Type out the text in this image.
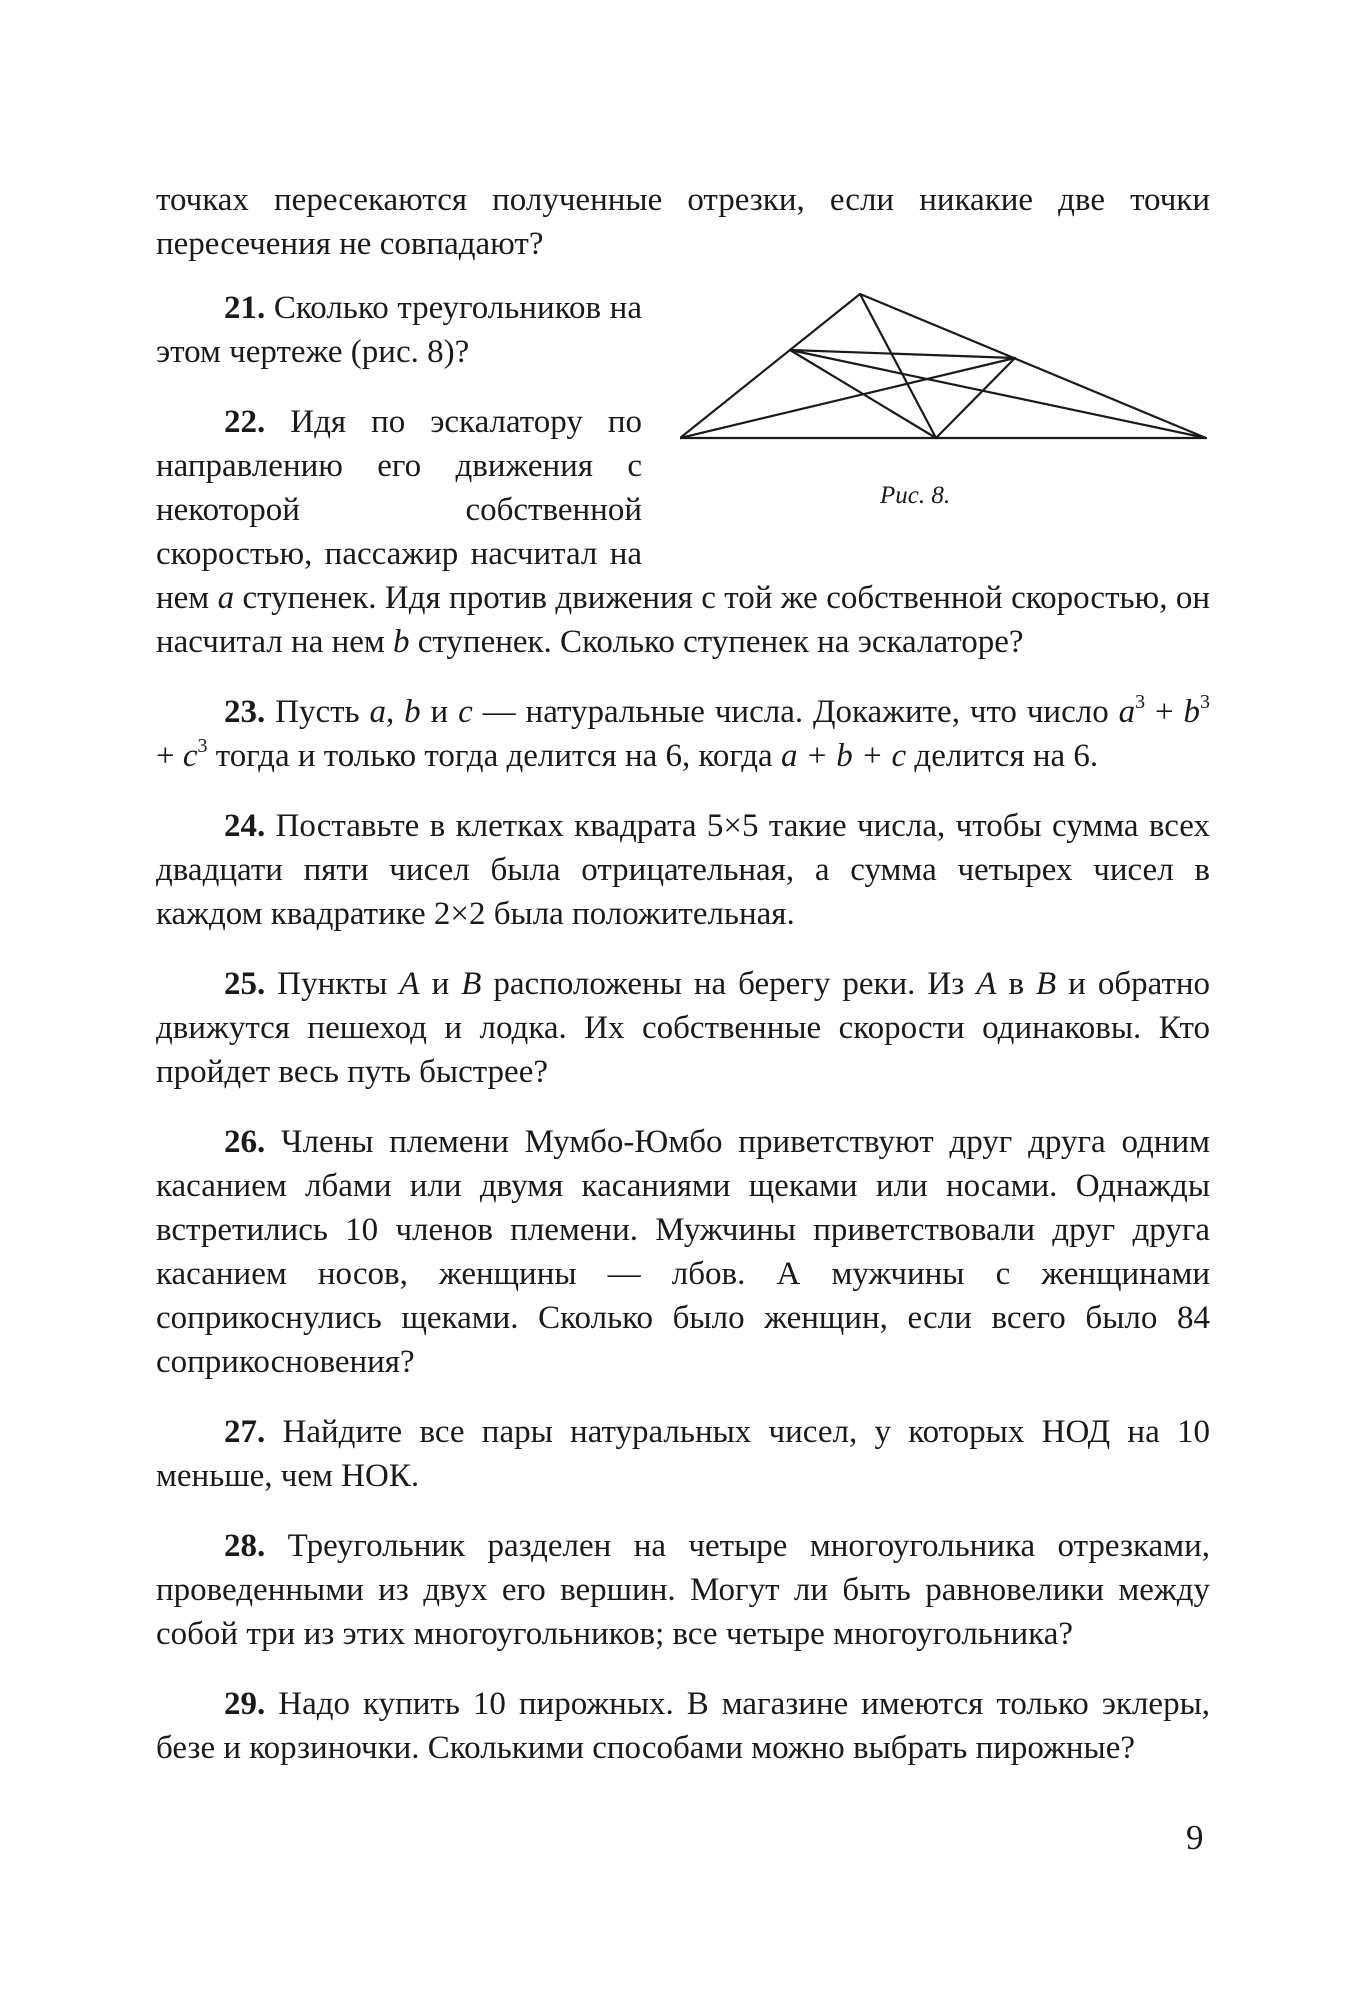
точках пересекаются полученные отрезки, если никакие две точки пересечения не совпадают?

Рис. 8.

21. Сколько треугольников на этом чертеже (рис. 8)?

22. Идя по эскалатору по направлению его движения с некоторой собственной скоростью, пассажир насчитал на нем a ступенек. Идя против движения с той же собственной скоростью, он насчитал на нем b ступенек. Сколько ступенек на эскалаторе?

23. Пусть a, b и c — натуральные числа. Докажите, что число $a^3 + b^3 + c^3$ тогда и только тогда делится на 6, когда a + b + c делится на 6.

24. Поставьте в клетках квадрата 5×5 такие числа, чтобы сумма всех двадцати пяти чисел была отрицательная, а сумма четырех чисел в каждом квадратике 2×2 была положительная.

25. Пункты A и B расположены на берегу реки. Из A в B и обратно движутся пешеход и лодка. Их собственные скорости одинаковы. Кто пройдет весь путь быстрее?

26. Члены племени Мумбо-Юмбо приветствуют друг друга одним касанием лбами или двумя касаниями щеками или носами. Однажды встретились 10 членов племени. Мужчины приветствовали друг друга касанием носов, женщины — лбов. А мужчины с женщинами соприкоснулись щеками. Сколько было женщин, если всего было 84 соприкосновения?

27. Найдите все пары натуральных чисел, у которых НОД на 10 меньше, чем НОК.

28. Треугольник разделен на четыре многоугольника отрезками, проведенными из двух его вершин. Могут ли быть равновелики между собой три из этих многоугольников; все четыре многоугольника?

29. Надо купить 10 пирожных. В магазине имеются только эклеры, безе и корзиночки. Сколькими способами можно выбрать пирожные?

9
